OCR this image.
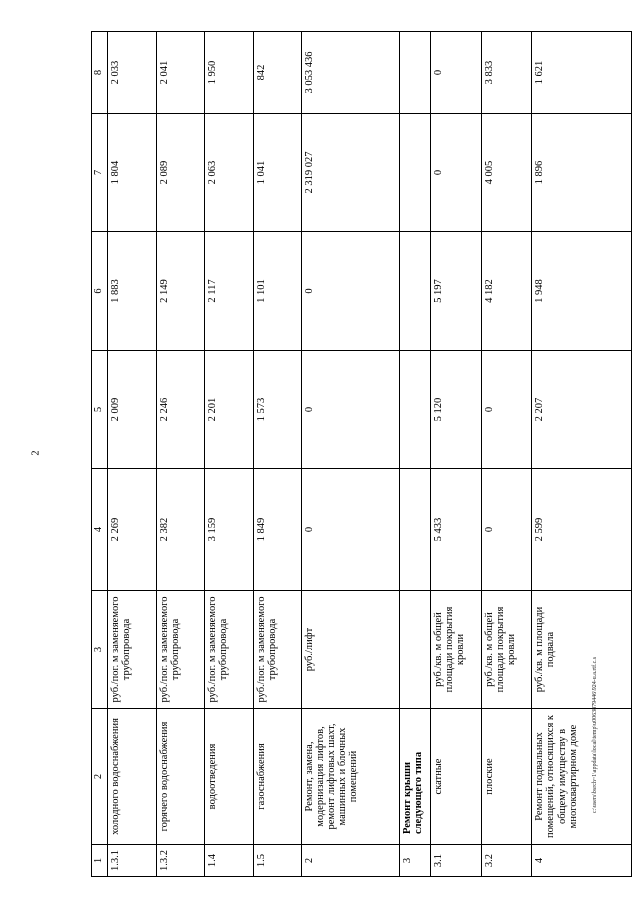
2
1	2	3	4	5	6	7	8
1.3.1	холодного водоснабжения	руб./пог. м заменяемого трубопровода	2 269	2 009	1 883	1 804	2 033
1.3.2	горячего водоснабжения	руб./пог. м заменяемого трубопровода	2 382	2 246	2 149	2 089	2 041
1.4	водоотведения	руб./пог. м заменяемого трубопровода	3 159	2 201	2 117	2 063	1 950
1.5	газоснабжения	руб./пог. м заменяемого трубопровода	1 849	1 573	1 101	1 041	842
2	Ремонт, замена, модернизация лифтов, ремонт лифтовых шахт, машинных и блочных помещений	руб./лифт	0	0	0	2 319 027	3 053 436
3	Ремонт крыши следующего типа						
3.1	скатные	руб./кв. м общей площади покрытия кровли	5 433	5 120	5 197	0	0
3.2	плоские	руб./кв. м общей площади покрытия кровли	0	0	4 182	4 005	3 833
4	Ремонт подвальных помещений, относящихся к общему имуществу в многоквартирном доме	руб./кв. м площади подвала	2 599	2 207	1 948	1 896	1 621
c:\users\bsrch~1\appdata\local\temp\u0063879446\924-u.a.rtf.c.s
